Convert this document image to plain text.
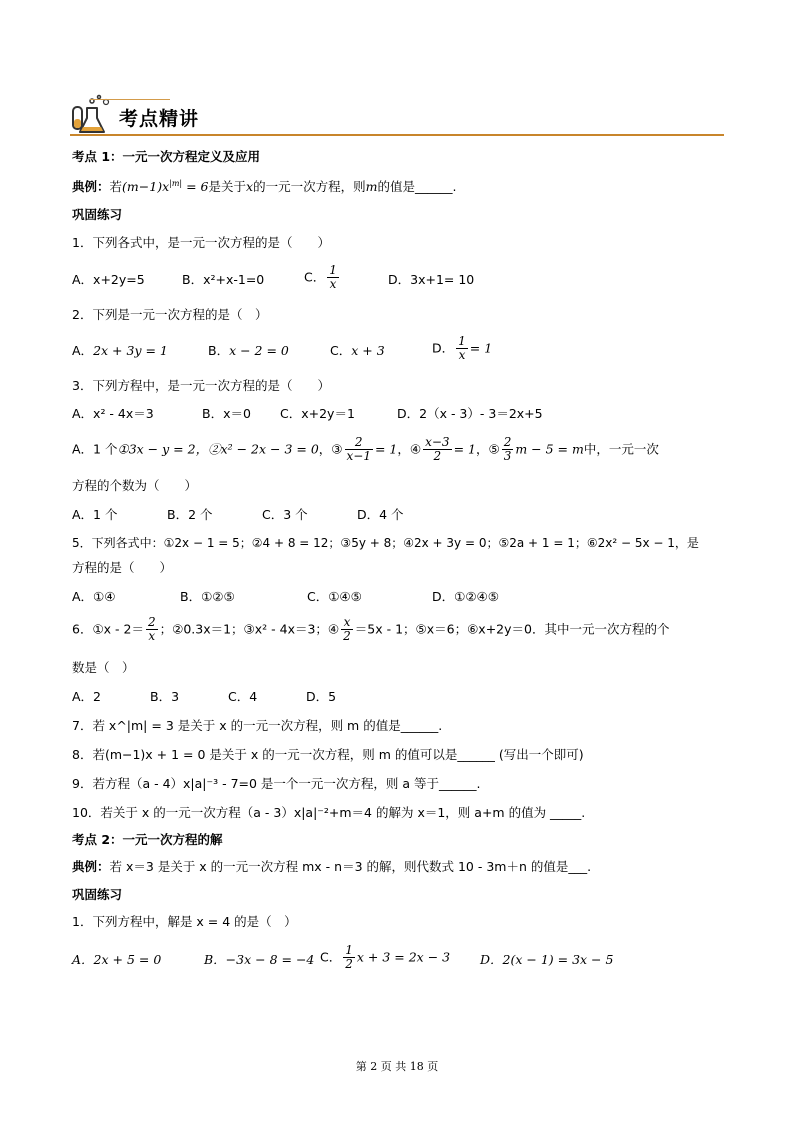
考点精讲
考点 1：一元一次方程定义及应用
典例：若$(m-1)x^{|m|} = 6$是关于x的一元一次方程，则m的值是______.
巩固练习
1．下列各式中，是一元一次方程的是（　　）
A．x+2y=5	B．x²+x-1=0	C． $\frac{1}{x}$	D．3x+1= 10
2．下列是一元一次方程的是（　）
A．2x + 3y = 1	B．x − 2 = 0	C．x + 3	D． $\frac{1}{x} = 1$
3．下列方程中，是一元一次方程的是（　　）
A．x² - 4x＝3	B．x＝0 C．x+2y＝1	D．2（x - 3）- 3＝2x+5
A．1 个①3x − y = 2，②x² − 2x − 3 = 0，③ $\frac{2}{x-1} = 1$，④ $\frac{x-3}{2} = 1$，⑤ $\frac{2}{3}$ m − 5 = m中，一元一次
方程的个数为（　　）
A．1 个	B．2 个	C．3 个	D．4 个
5．下列各式中：①2x − 1 = 5；②4 + 8 = 12；③5y + 8；④2x + 3y = 0；⑤2a + 1 = 1；⑥2x² − 5x − 1，是
方程的是（　　）
A．①④	B．①②⑤	C．①④⑤	D．①②④⑤
6．①x - $2= \frac{2}{x}$ ；②0.3x＝1；③x² - 4x＝3；④ $\frac{x}{2} =5x - 1$；⑤x＝6；⑥x+2y＝0．其中一元一次方程的个
数是（　）
A．2	B．3	C．4	D．5
7．若 x^|m| = 3 是关于 x 的一元一次方程，则 m 的值是______.
8．若(m−1)x + 1 = 0 是关于 x 的一元一次方程，则 m 的值可以是______ (写出一个即可)
9．若方程（a - 4）x|a|⁻³ - 7=0 是一个一元一次方程，则 a 等于______.
10．若关于 x 的一元一次方程（a - 3）x|a|⁻²+m＝4 的解为 x＝1，则 a+m 的值为 _____.
考点 2：一元一次方程的解
典例：若 x＝3 是关于 x 的一元一次方程 mx - n＝3 的解，则代数式 10 - 3m＋n 的值是___.
巩固练习
1．下列方程中，解是 x = 4 的是（　）
A．2x + 5 = 0	B．−3x − 8 = −4 C． $\frac{1}{2}$ x + 3 = 2x − 3 D．2(x − 1) = 3x − 5
第 2 页 共 18 页
